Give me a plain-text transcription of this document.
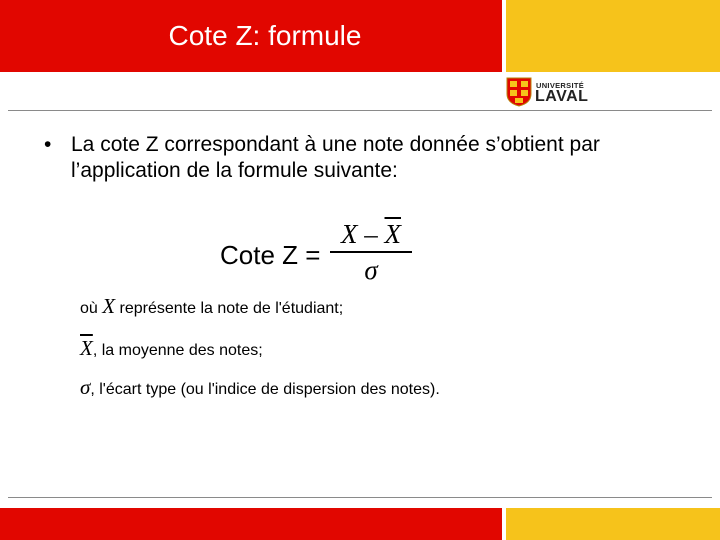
Cote Z: formule
UNIVERSITÉ
LAVAL
• La cote Z correspondant à une note donnée s’obtient par l’application de la formule suivante:
Cote Z =
X – $\overline{X}$
σ
où X représente la note de l'étudiant;
$\overline{X}$, la moyenne des notes;
σ, l'écart type (ou l'indice de dispersion des notes).
